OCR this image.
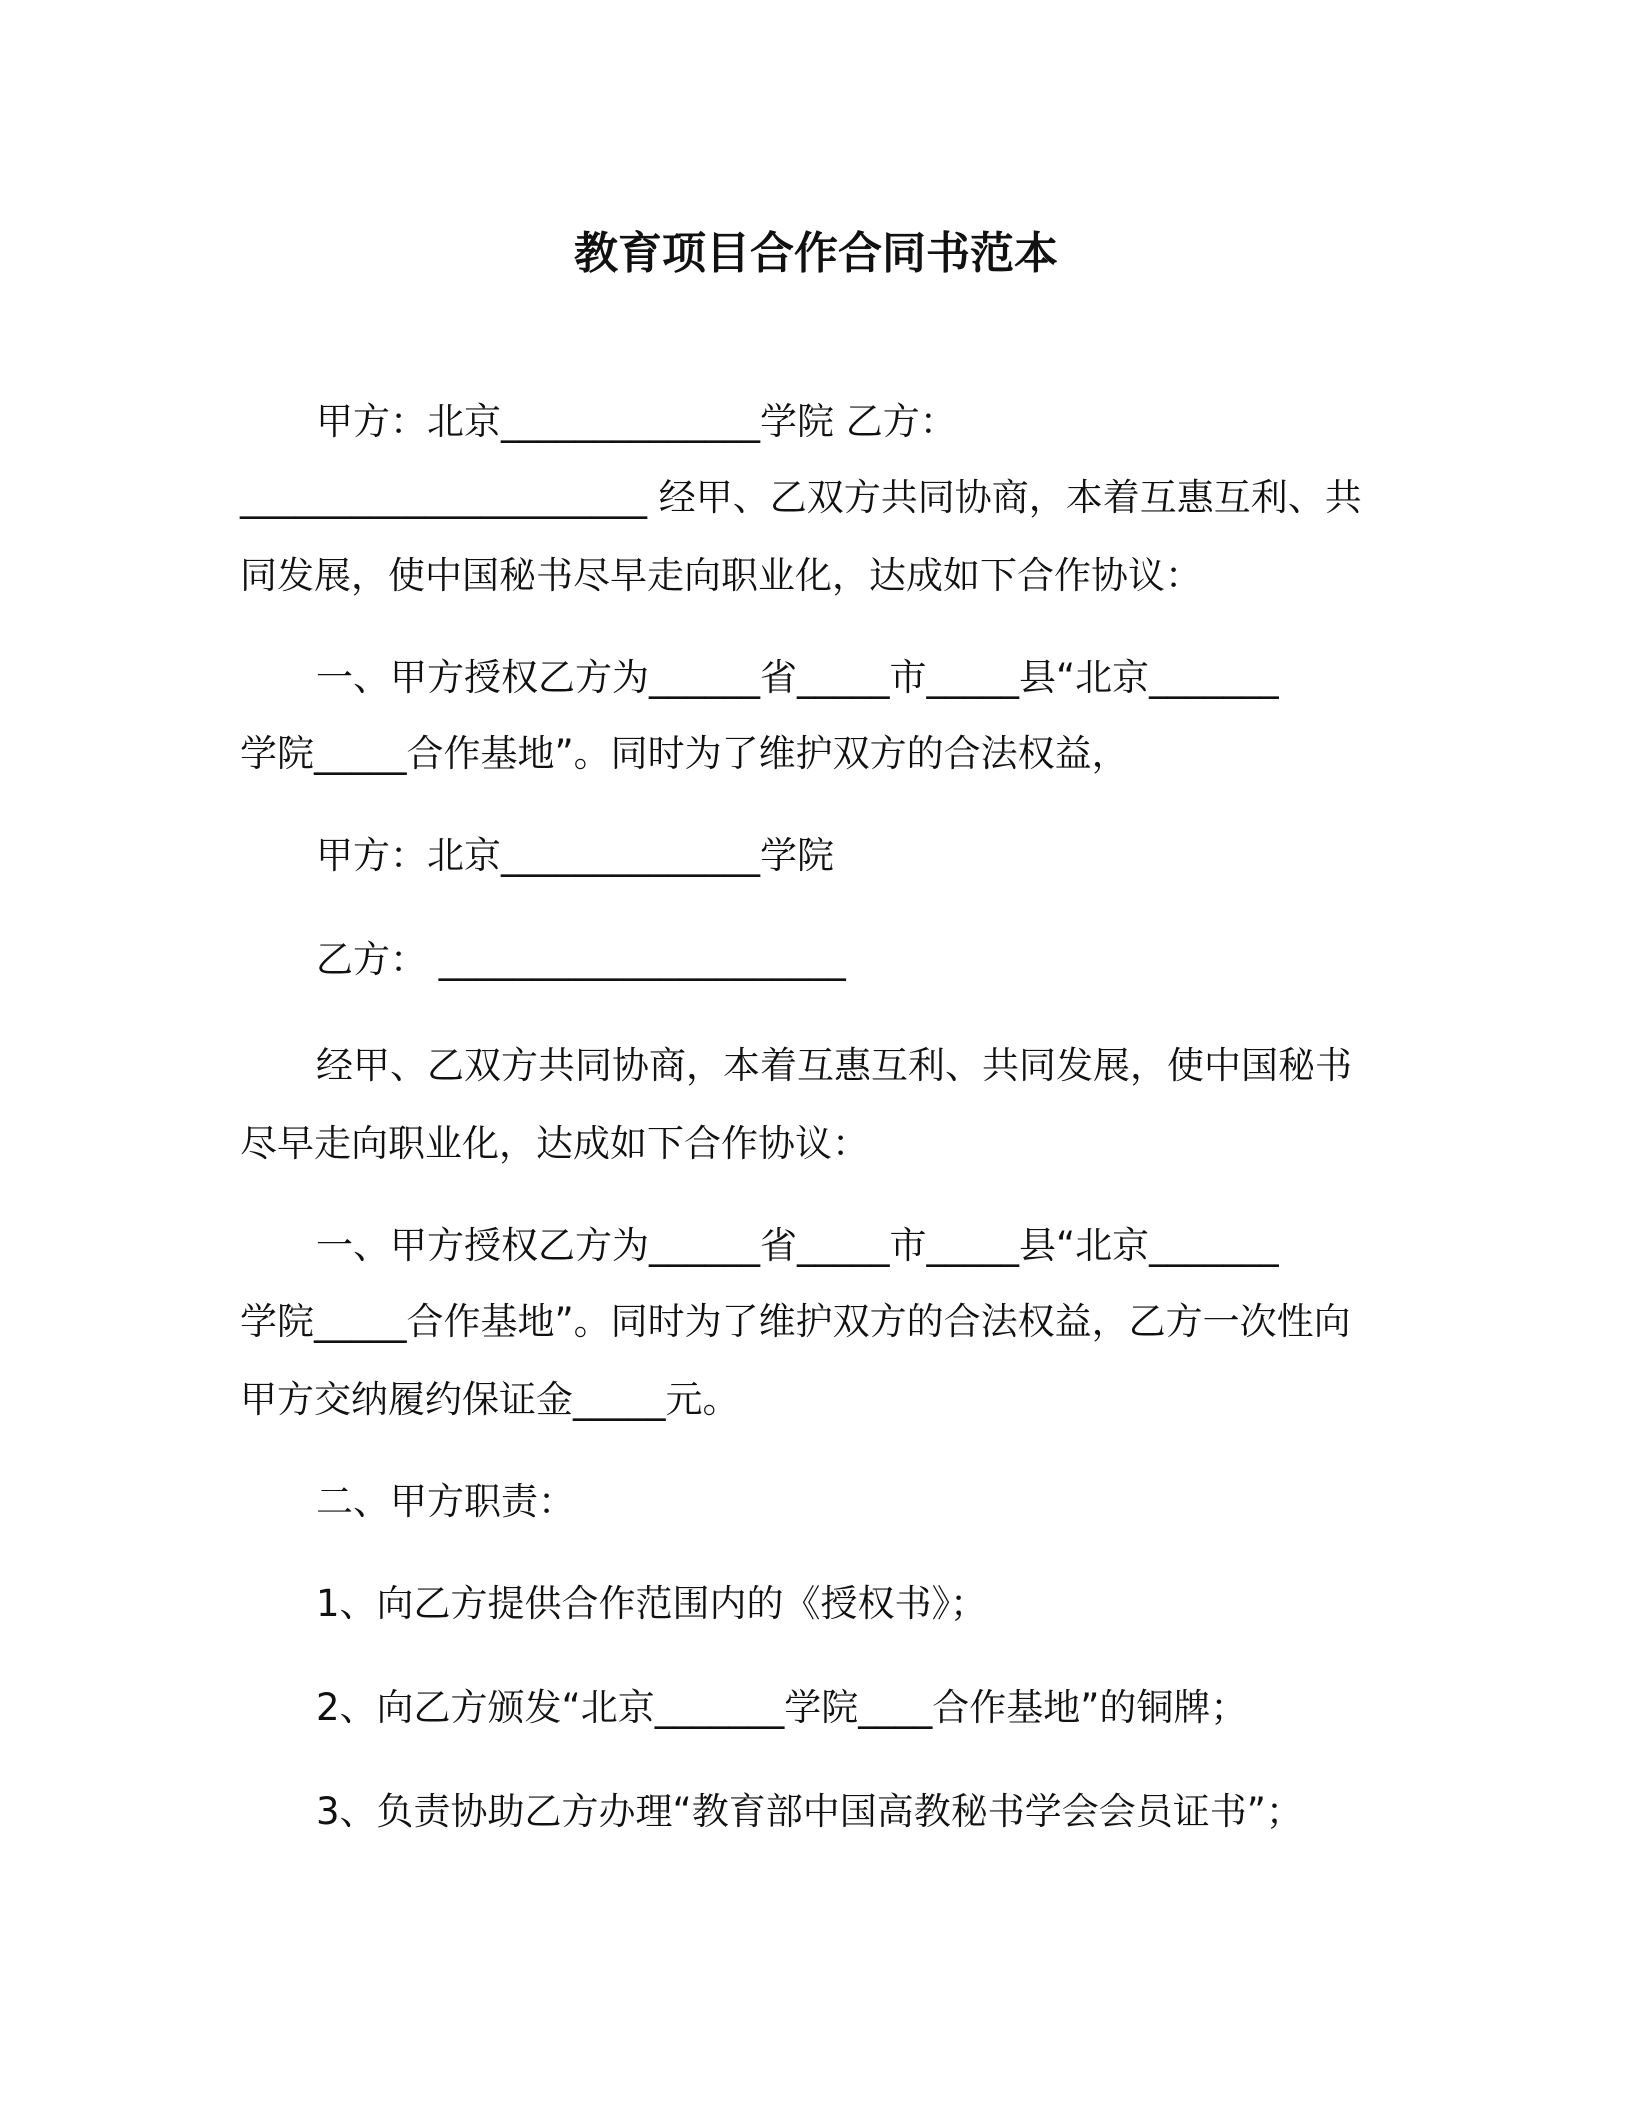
教育项目合作合同书范本
甲方：北京______________学院 乙方：
______________________ 经甲、乙双方共同协商，本着互惠互利、共
同发展，使中国秘书尽早走向职业化，达成如下合作协议：
一、甲方授权乙方为______省_____市_____县“北京_______
学院_____合作基地”。同时为了维护双方的合法权益，
甲方：北京______________学院
乙方： ______________________
经甲、乙双方共同协商，本着互惠互利、共同发展，使中国秘书
尽早走向职业化，达成如下合作协议：
一、甲方授权乙方为______省_____市_____县“北京_______
学院_____合作基地”。同时为了维护双方的合法权益，乙方一次性向
甲方交纳履约保证金_____元。
二、甲方职责：
1、向乙方提供合作范围内的《授权书》；
2、向乙方颁发“北京_______学院____合作基地”的铜牌；
3、负责协助乙方办理“教育部中国高教秘书学会会员证书”；
